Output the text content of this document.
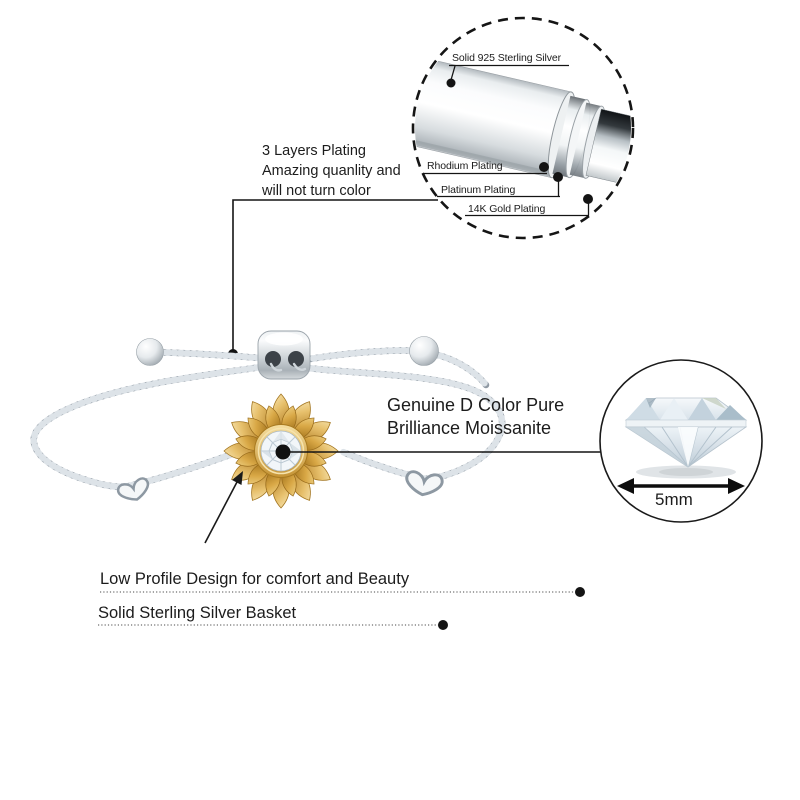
Solid 925 Sterling Silver
Rhodium Plating
Platinum Plating
14K Gold Plating
3 Layers Plating
Amazing quanlity and
will not turn color
Genuine D Color Pure
Brilliance Moissanite
5mm
Low Profile Design for comfort and Beauty
Solid Sterling Silver Basket
